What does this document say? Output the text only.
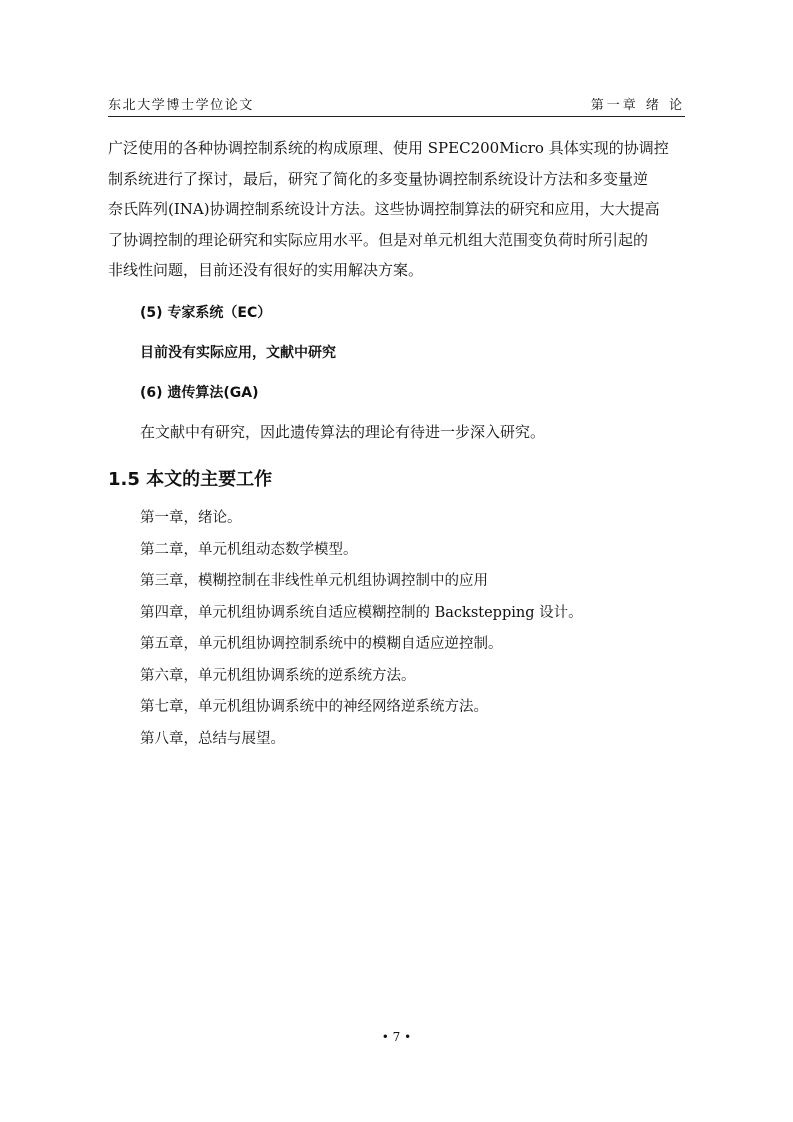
东北大学博士学位论文	第一章 绪 论

广泛使用的各种协调控制系统的构成原理、使用 SPEC200Micro 具体实现的协调控

制系统进行了探讨，最后，研究了简化的多变量协调控制系统设计方法和多变量逆

奈氏阵列(INA)协调控制系统设计方法。这些协调控制算法的研究和应用，大大提高

了协调控制的理论研究和实际应用水平。但是对单元机组大范围变负荷时所引起的

非线性问题，目前还没有很好的实用解决方案。

(5) 专家系统（EC）

目前没有实际应用，文献中研究

(6) 遗传算法(GA)

在文献中有研究，因此遗传算法的理论有待进一步深入研究。

1.5 本文的主要工作

第一章，绪论。

第二章，单元机组动态数学模型。

第三章，模糊控制在非线性单元机组协调控制中的应用

第四章，单元机组协调系统自适应模糊控制的 Backstepping 设计。

第五章，单元机组协调控制系统中的模糊自适应逆控制。

第六章，单元机组协调系统的逆系统方法。

第七章，单元机组协调系统中的神经网络逆系统方法。

第八章，总结与展望。

• 7 •
